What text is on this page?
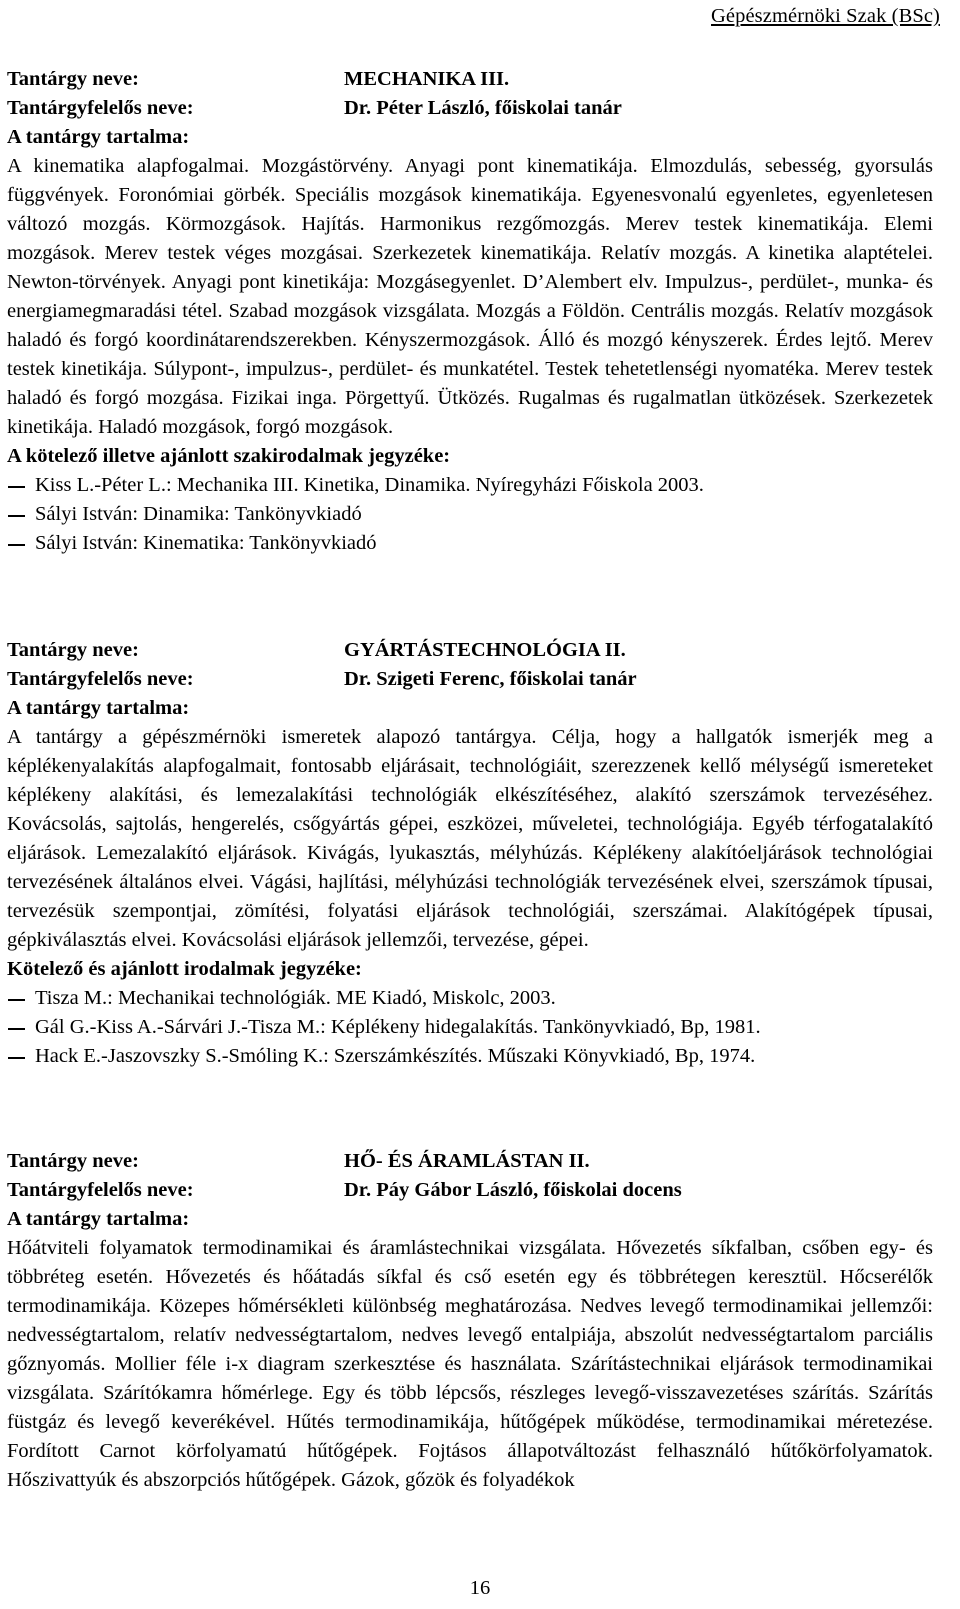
Gépészmérnöki Szak (BSc)
Tantárgy neve:	MECHANIKA III.
Tantárgyfelelős neve:	Dr. Péter László, főiskolai tanár
A tantárgy tartalma:
A kinematika alapfogalmai. Mozgástörvény. Anyagi pont kinematikája. Elmozdulás, sebesség, gyorsulás függvények. Foronómiai görbék. Speciális mozgások kinematikája. Egyenesvonalú egyenletes, egyenletesen változó mozgás. Körmozgások. Hajítás. Harmonikus rezgőmozgás. Merev testek kinematikája. Elemi mozgások. Merev testek véges mozgásai. Szerkezetek kinematikája. Relatív mozgás. A kinetika alaptételei. Newton-törvények. Anyagi pont kinetikája: Mozgásegyenlet. D’Alembert elv. Impulzus-, perdület-, munka- és energiamegmaradási tétel. Szabad mozgások vizsgálata. Mozgás a Földön. Centrális mozgás. Relatív mozgások haladó és forgó koordinátarendszerekben. Kényszermozgások. Álló és mozgó kényszerek. Érdes lejtő. Merev testek kinetikája. Súlypont-, impulzus-, perdület- és munkatétel. Testek tehetetlenségi nyomatéka. Merev testek haladó és forgó mozgása. Fizikai inga. Pörgettyű. Ütközés. Rugalmas és rugalmatlan ütközések. Szerkezetek kinetikája. Haladó mozgások, forgó mozgások.
A kötelező illetve ajánlott szakirodalmak jegyzéke:
Kiss L.-Péter L.: Mechanika III. Kinetika, Dinamika. Nyíregyházi Főiskola 2003.
Sályi István: Dinamika: Tankönyvkiadó
Sályi István: Kinematika: Tankönyvkiadó
Tantárgy neve:	GYÁRTÁSTECHNOLÓGIA II.
Tantárgyfelelős neve:	Dr. Szigeti Ferenc, főiskolai tanár
A tantárgy tartalma:
A tantárgy a gépészmérnöki ismeretek alapozó tantárgya. Célja, hogy a hallgatók ismerjék meg a képlékenyalakítás alapfogalmait, fontosabb eljárásait, technológiáit, szerezzenek kellő mélységű ismereteket képlékeny alakítási, és lemezalakítási technológiák elkészítéséhez, alakító szerszámok tervezéséhez. Kovácsolás, sajtolás, hengerelés, csőgyártás gépei, eszközei, műveletei, technológiája. Egyéb térfogatalakító eljárások. Lemezalakító eljárások. Kivágás, lyukasztás, mélyhúzás. Képlékeny alakítóeljárások technológiai tervezésének általános elvei. Vágási, hajlítási, mélyhúzási technológiák tervezésének elvei, szerszámok típusai, tervezésük szempontjai, zömítési, folyatási eljárások technológiái, szerszámai. Alakítógépek típusai, gépkiválasztás elvei. Kovácsolási eljárások jellemzői, tervezése, gépei.
Kötelező és ajánlott irodalmak jegyzéke:
Tisza M.: Mechanikai technológiák. ME Kiadó, Miskolc, 2003.
Gál G.-Kiss A.-Sárvári J.-Tisza M.: Képlékeny hidegalakítás. Tankönyvkiadó, Bp, 1981.
Hack E.-Jaszovszky S.-Smóling K.: Szerszámkészítés. Műszaki Könyvkiadó, Bp, 1974.
Tantárgy neve:	HŐ- ÉS ÁRAMLÁSTAN II.
Tantárgyfelelős neve:	Dr. Páy Gábor László, főiskolai docens
A tantárgy tartalma:
Hőátviteli folyamatok termodinamikai és áramlástechnikai vizsgálata. Hővezetés síkfalban, csőben egy- és többréteg esetén. Hővezetés és hőátadás síkfal és cső esetén egy és többrétegen keresztül. Hőcserélők termodinamikája. Közepes hőmérsékleti különbség meghatározása. Nedves levegő termodinamikai jellemzői: nedvességtartalom, relatív nedvességtartalom, nedves levegő entalpiája, abszolút nedvességtartalom parciális gőznyomás. Mollier féle i-x diagram szerkesztése és használata. Szárítástechnikai eljárások termodinamikai vizsgálata. Szárítókamra hőmérlege. Egy és több lépcsős, részleges levegő-visszavezetéses szárítás. Szárítás füstgáz és levegő keverékével. Hűtés termodinamikája, hűtőgépek működése, termodinamikai méretezése. Fordított Carnot körfolyamatú hűtőgépek. Fojtásos állapotváltozást felhasználó hűtőkörfolyamatok. Hőszivattyúk és abszorpciós hűtőgépek. Gázok, gőzök és folyadékok
16
